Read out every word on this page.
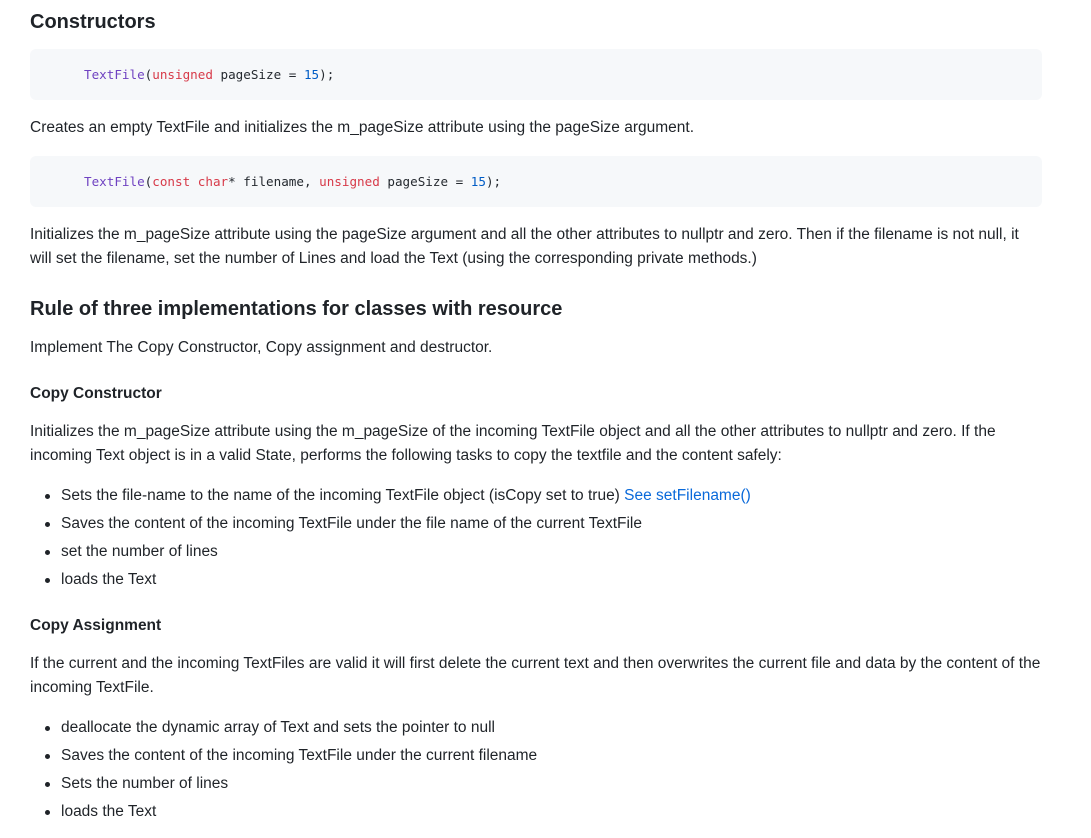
Constructors
TextFile ( unsigned pageSize = 15 );

Creates an empty TextFile and initializes the m_pageSize attribute using the pageSize argument.

TextFile ( const
char * filename, unsigned pageSize = 15 );

Initializes the m_pageSize attribute using the pageSize argument and all the other attributes to nullptr and zero. Then if the filename is not null, it will set the filename, set the number of Lines and load the Text (using the corresponding private methods.)

Rule of three implementations for classes with resource

Implement The Copy Constructor, Copy assignment and destructor.

Copy Constructor

Initializes the m_pageSize attribute using the m_pageSize of the incoming TextFile object and all the other attributes to nullptr and zero. If the incoming Text object is in a valid State, performs the following tasks to copy the textfile and the content safely:

Sets the file-name to the name of the incoming TextFile object (isCopy set to true) See setFilename()
Saves the content of the incoming TextFile under the file name of the current TextFile
set the number of lines
loads the Text
Copy Assignment

If the current and the incoming TextFiles are valid it will first delete the current text and then overwrites the current file and data by the content of the incoming TextFile.

deallocate the dynamic array of Text and sets the pointer to null
Saves the content of the incoming TextFile under the current filename
Sets the number of lines
loads the Text
